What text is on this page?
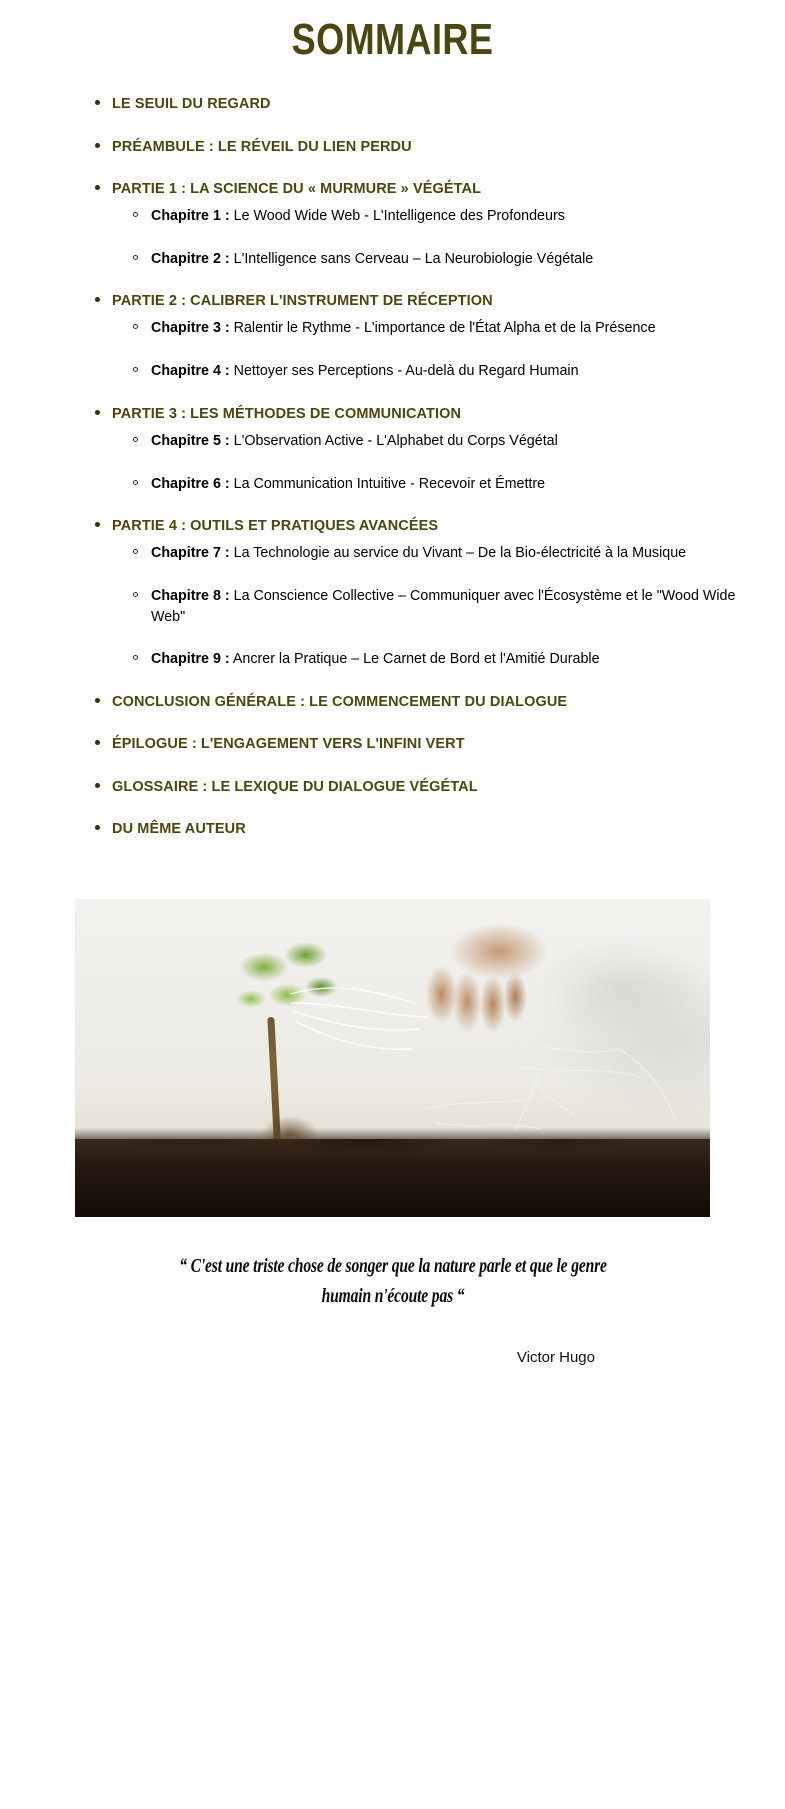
SOMMAIRE
LE SEUIL DU REGARD
PRÉAMBULE : LE RÉVEIL DU LIEN PERDU
PARTIE 1 : LA SCIENCE DU « MURMURE » VÉGÉTAL
Chapitre 1 : Le Wood Wide Web - L'Intelligence des Profondeurs
Chapitre 2 : L'Intelligence sans Cerveau – La Neurobiologie Végétale
PARTIE 2 : CALIBRER L'INSTRUMENT DE RÉCEPTION
Chapitre 3 : Ralentir le Rythme - L'importance de l'État Alpha et de la Présence
Chapitre 4 : Nettoyer ses Perceptions - Au-delà du Regard Humain
PARTIE 3 : LES MÉTHODES DE COMMUNICATION
Chapitre 5 : L'Observation Active - L'Alphabet du Corps Végétal
Chapitre 6 : La Communication Intuitive - Recevoir et Émettre
PARTIE 4 : OUTILS ET PRATIQUES AVANCÉES
Chapitre 7 : La Technologie au service du Vivant – De la Bio-électricité à la Musique
Chapitre 8 : La Conscience Collective – Communiquer avec l'Écosystème et le "Wood Wide Web"
Chapitre 9 : Ancrer la Pratique – Le Carnet de Bord et l'Amitié Durable
CONCLUSION GÉNÉRALE : LE COMMENCEMENT DU DIALOGUE
ÉPILOGUE : L'ENGAGEMENT VERS L'INFINI VERT
GLOSSAIRE : LE LEXIQUE DU DIALOGUE VÉGÉTAL
DU MÊME AUTEUR
“ C'est une triste chose de songer que la nature parle et que le genre humain n'écoute pas “
Victor Hugo
